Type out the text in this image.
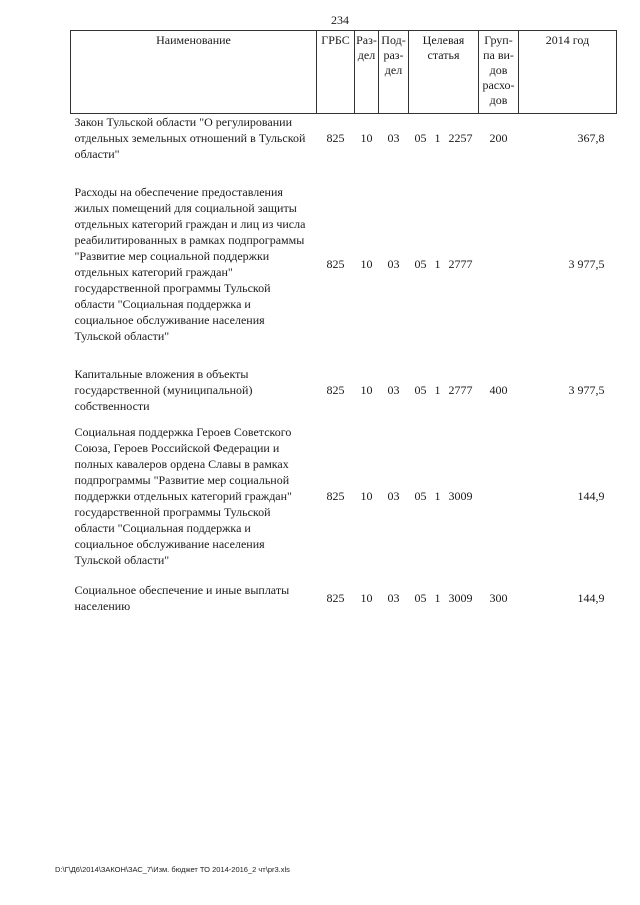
234
Наименование	ГРБС	Раз-дел	Под-раз-дел	Целевая статья	Груп-па ви-дов расхо-дов	2014 год
Закон Тульской области "О регулировании отдельных земельных отношений в Тульской области"	825	10	03	05 1 2257	200	367,8

Расходы на обеспечение предоставления жилых помещений для социальной защиты отдельных категорий граждан и лиц из числа реабилитированных в рамках подпрограммы "Развитие мер социальной поддержки отдельных категорий граждан" государственной программы Тульской области "Социальная поддержка и социальное обслуживание населения Тульской области"	825	10	03	05 1 2777		3 977,5

Капитальные вложения в объекты государственной (муниципальной) собственности	825	10	03	05 1 2777	400	3 977,5

Социальная поддержка Героев Советского Союза, Героев Российской Федерации и полных кавалеров ордена Славы в рамках подпрограммы "Развитие мер социальной поддержки отдельных категорий граждан" государственной программы Тульской области "Социальная поддержка и социальное обслуживание населения Тульской области"	825	10	03	05 1 3009		144,9

Социальное обеспечение и иные выплаты населению	825	10	03	05 1 3009	300	144,9
D:\Г\Д6\2014\ЗАКОН\ЗАС_7\Изм. бюджет ТО 2014-2016_2 чт\pr3.xls
